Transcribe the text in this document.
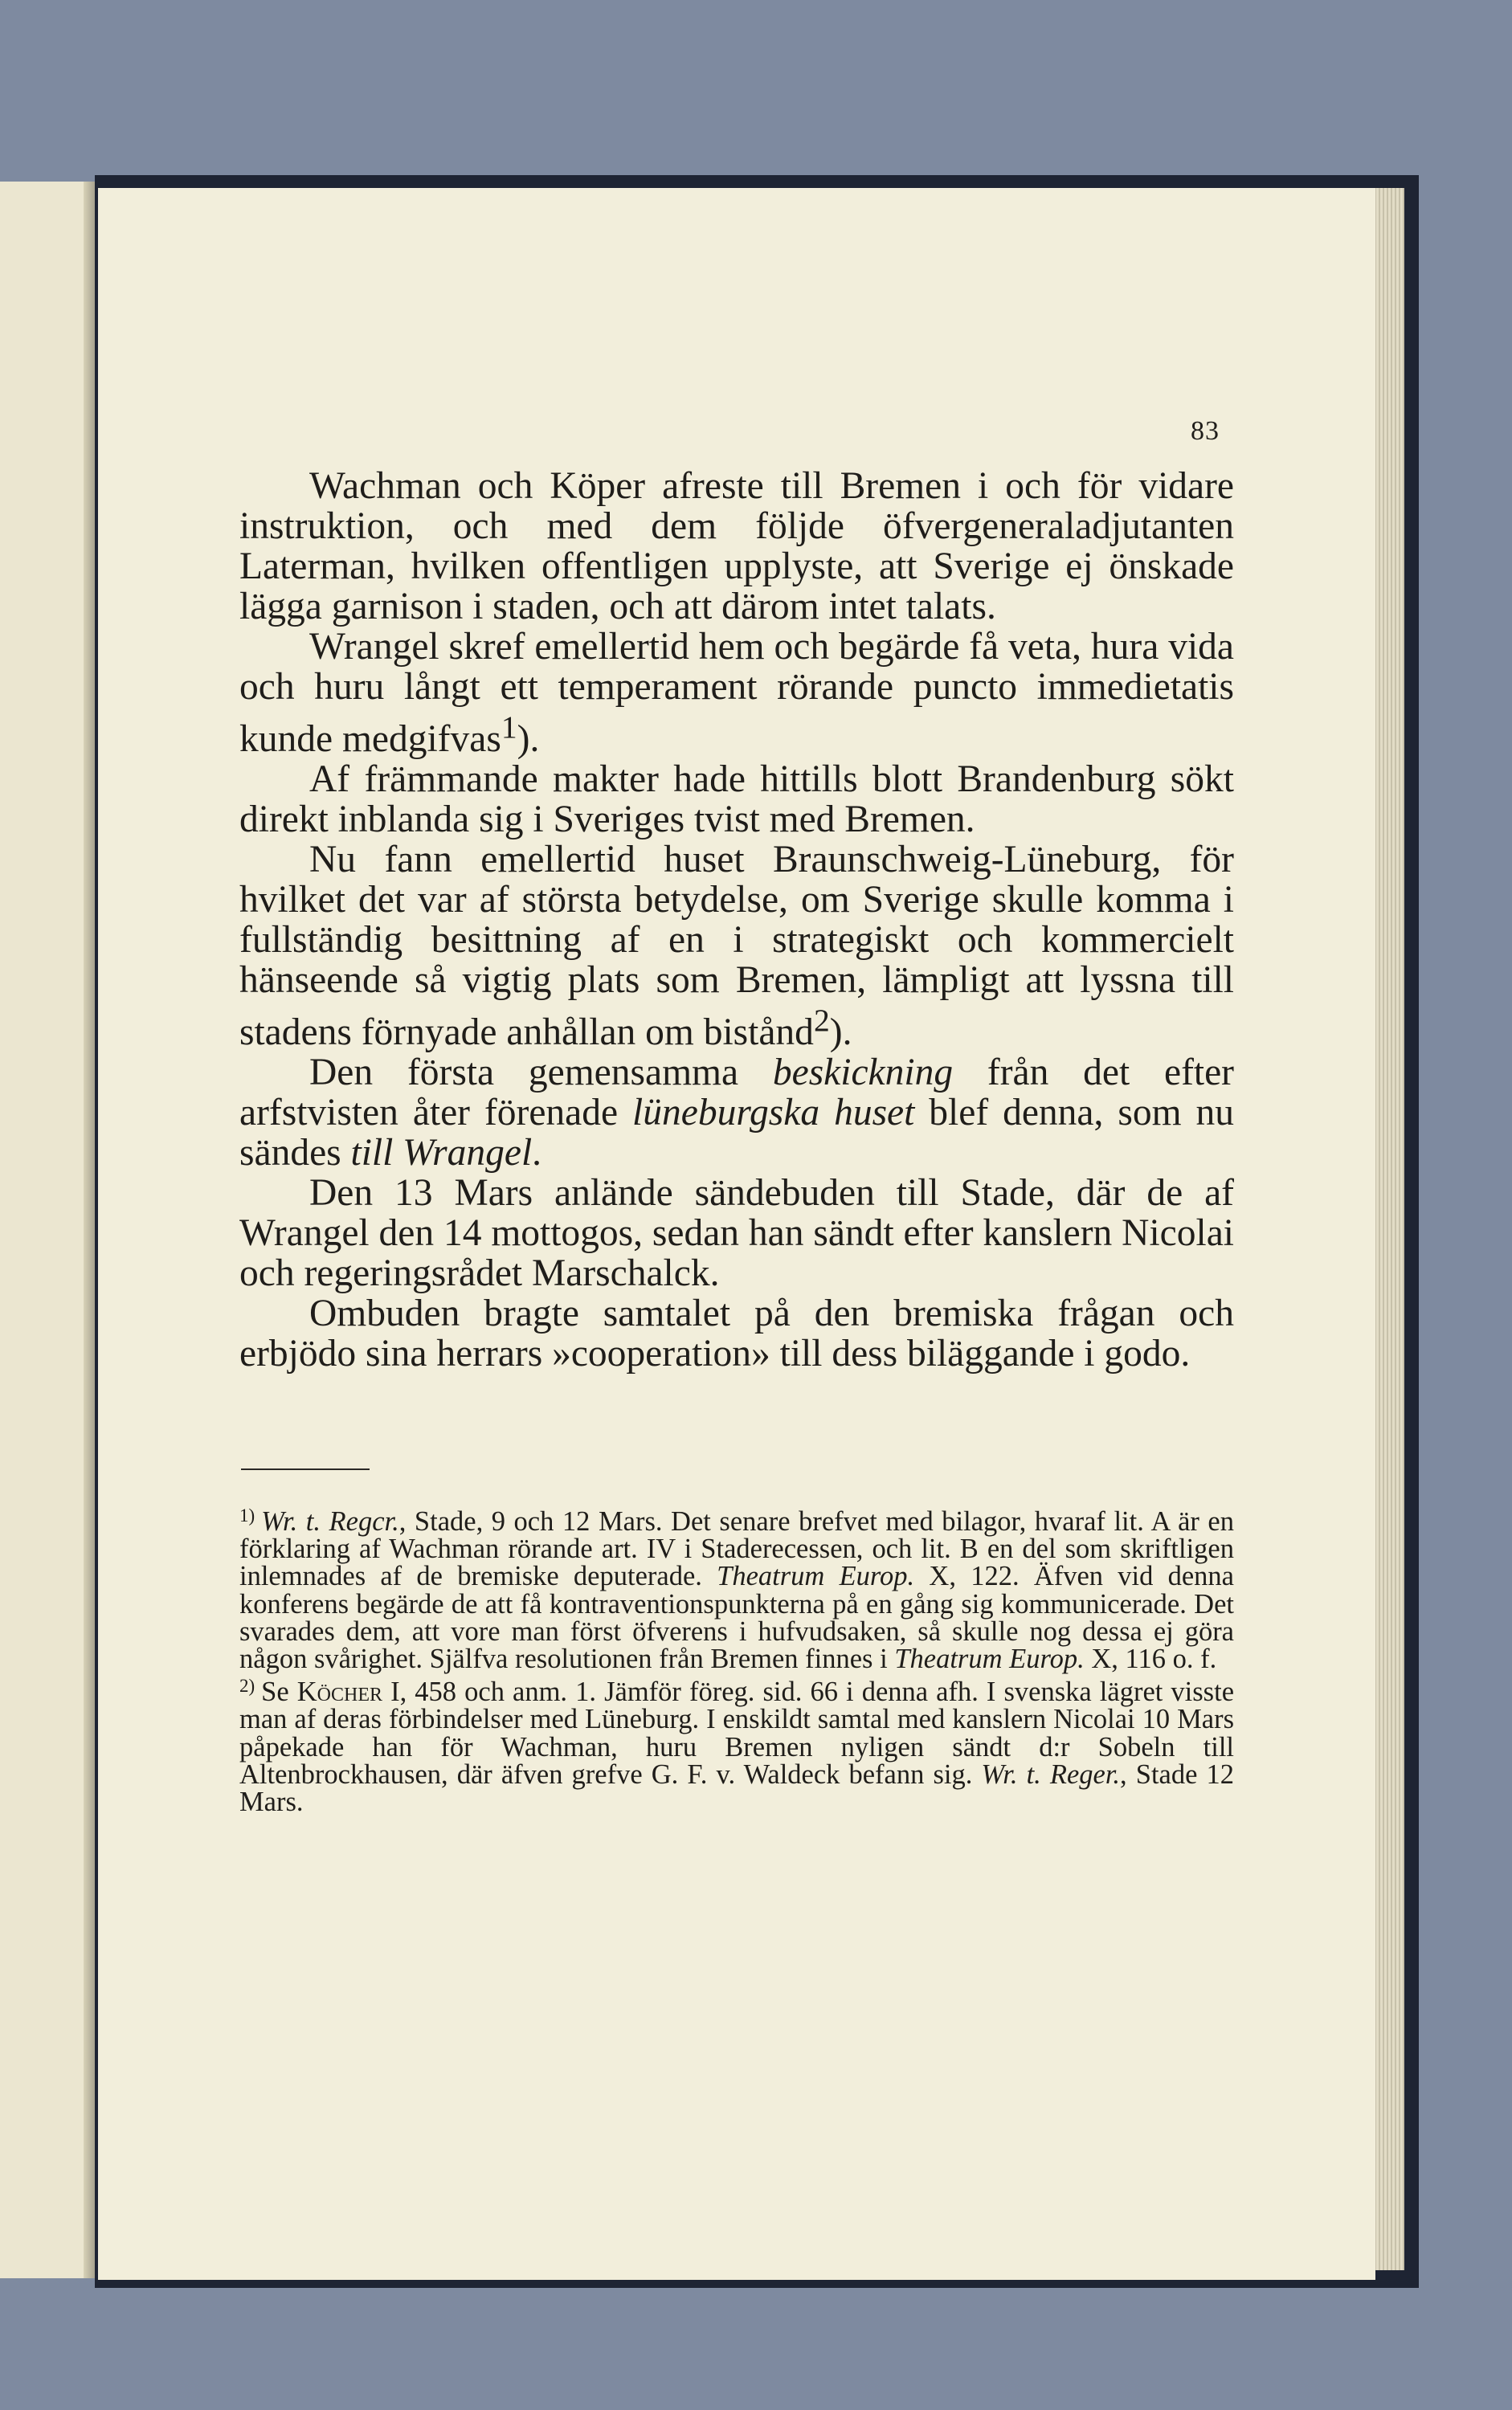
83

Wachman och Köper afreste till Bremen i och för vidare instruktion, och med dem följde öfvergeneraladjutanten Laterman, hvilken offentligen upplyste, att Sverige ej önskade lägga garnison i staden, och att därom intet talats.

Wrangel skref emellertid hem och begärde få veta, hura vida och huru långt ett temperament rörande puncto immedietatis kunde medgifvas$^1$).

Af främmande makter hade hittills blott Brandenburg sökt direkt inblanda sig i Sveriges tvist med Bremen.

Nu fann emellertid huset Braunschweig-Lüneburg, för hvilket det var af största betydelse, om Sverige skulle komma i fullständig besittning af en i strategiskt och kommercielt hänseende så vigtig plats som Bremen, lämpligt att lyssna till stadens förnyade anhållan om bistånd$^2$).

Den första gemensamma beskickning från det efter arfstvisten åter förenade lüneburgska huset blef denna, som nu sändes till Wrangel.

Den 13 Mars anlände sändebuden till Stade, där de af Wrangel den 14 mottogos, sedan han sändt efter kanslern Nicolai och regeringsrådet Marschalck.

Ombuden bragte samtalet på den bremiska frågan och erbjödo sina herrars »cooperation» till dess biläggande i godo.

$^{1)}$ Wr. t. Regcr., Stade, 9 och 12 Mars. Det senare brefvet med bilagor, hvaraf lit. A är en förklaring af Wachman rörande art. IV i Staderecessen, och lit. B en del som skriftligen inlemnades af de bremiske deputerade. Theatrum Europ. X, 122. Äfven vid denna konferens begärde de att få kontraventionspunkterna på en gång sig kommunicerade. Det svarades dem, att vore man först öfverens i hufvudsaken, så skulle nog dessa ej göra någon svårighet. Själfva resolutionen från Bremen finnes i Theatrum Europ. X, 116 o. f.

$^{2)}$ Se Köcher I, 458 och anm. 1. Jämför föreg. sid. 66 i denna afh. I svenska lägret visste man af deras förbindelser med Lüneburg. I enskildt samtal med kanslern Nicolai 10 Mars påpekade han för Wachman, huru Bremen nyligen sändt d:r Sobeln till Altenbrockhausen, där äfven grefve G. F. v. Waldeck befann sig. Wr. t. Reger., Stade 12 Mars.
